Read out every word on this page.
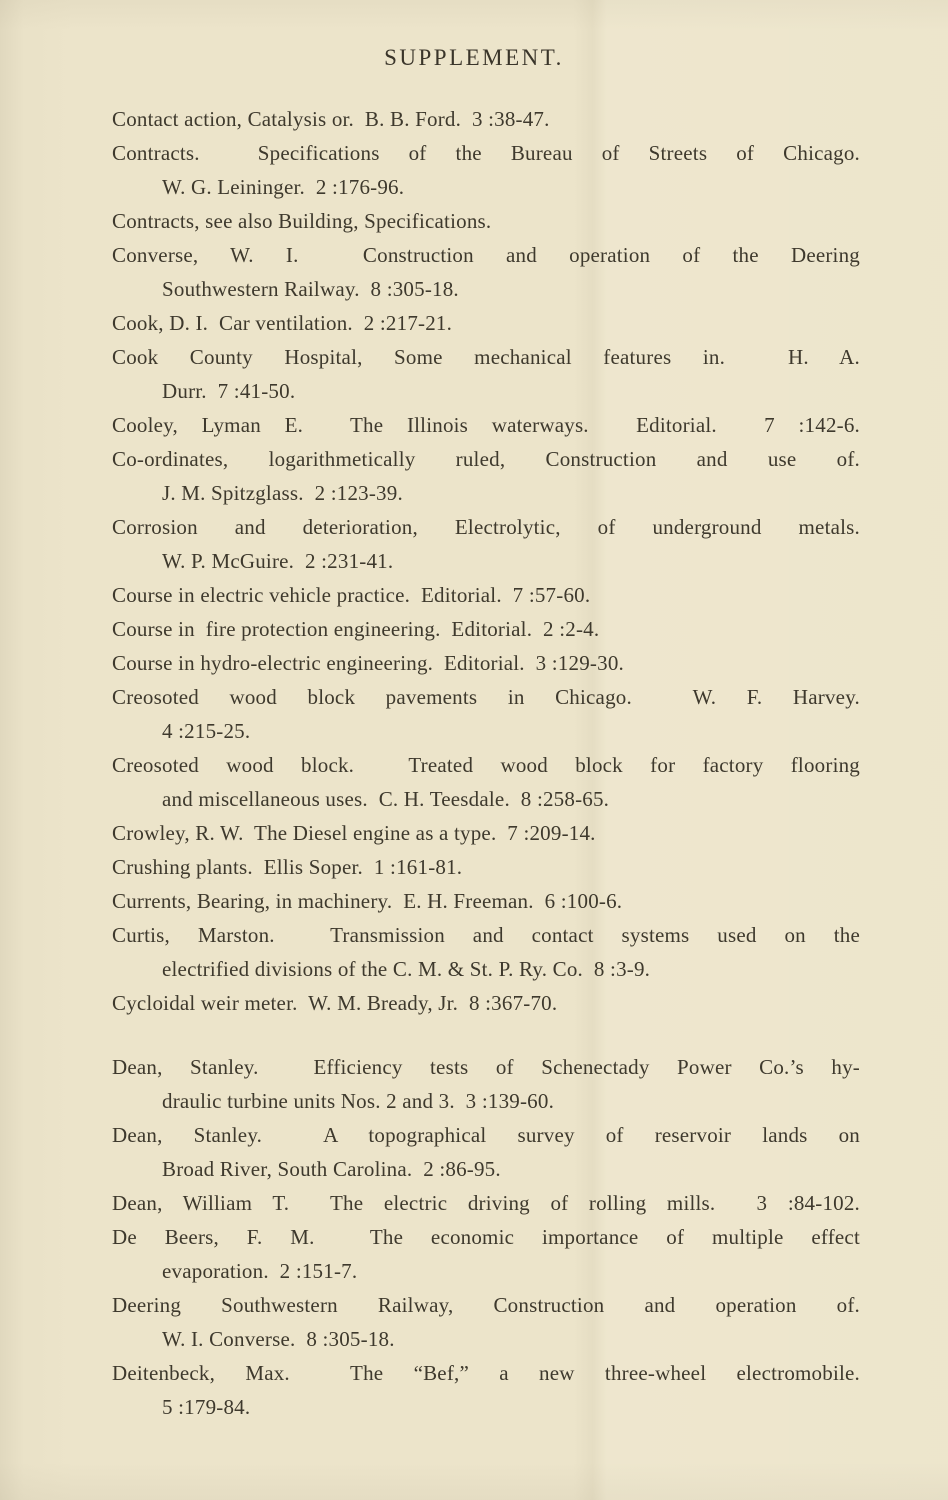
SUPPLEMENT.
Contact action, Catalysis or.  B. B. Ford.  3 :38-47.
Contracts.  Specifications of the Bureau of Streets of Chicago.
W. G. Leininger.  2 :176-96.
Contracts, see also Building, Specifications.
Converse, W. I.  Construction and operation of the Deering
Southwestern Railway.  8 :305-18.
Cook, D. I.  Car ventilation.  2 :217-21.
Cook County Hospital, Some mechanical features in.  H. A.
Durr.  7 :41-50.
Cooley, Lyman E.  The Illinois waterways.  Editorial.  7 :142-6.
Co-ordinates, logarithmetically ruled, Construction and use of.
J. M. Spitzglass.  2 :123-39.
Corrosion and deterioration, Electrolytic, of underground metals.
W. P. McGuire.  2 :231-41.
Course in electric vehicle practice.  Editorial.  7 :57-60.
Course in  fire protection engineering.  Editorial.  2 :2-4.
Course in hydro-electric engineering.  Editorial.  3 :129-30.
Creosoted wood block pavements in Chicago.  W. F. Harvey.
4 :215-25.
Creosoted wood block.  Treated wood block for factory flooring
and miscellaneous uses.  C. H. Teesdale.  8 :258-65.
Crowley, R. W.  The Diesel engine as a type.  7 :209-14.
Crushing plants.  Ellis Soper.  1 :161-81.
Currents, Bearing, in machinery.  E. H. Freeman.  6 :100-6.
Curtis, Marston.  Transmission and contact systems used on the
electrified divisions of the C. M. & St. P. Ry. Co.  8 :3-9.
Cycloidal weir meter.  W. M. Bready, Jr.  8 :367-70.
Dean, Stanley.  Efficiency tests of Schenectady Power Co.’s hy-
draulic turbine units Nos. 2 and 3.  3 :139-60.
Dean, Stanley.  A topographical survey of reservoir lands on
Broad River, South Carolina.  2 :86-95.
Dean, William T.  The electric driving of rolling mills.  3 :84-102.
De Beers, F. M.  The economic importance of multiple effect
evaporation.  2 :151-7.
Deering Southwestern Railway, Construction and operation of.
W. I. Converse.  8 :305-18.
Deitenbeck, Max.  The “Bef,” a new three-wheel electromobile.
5 :179-84.
